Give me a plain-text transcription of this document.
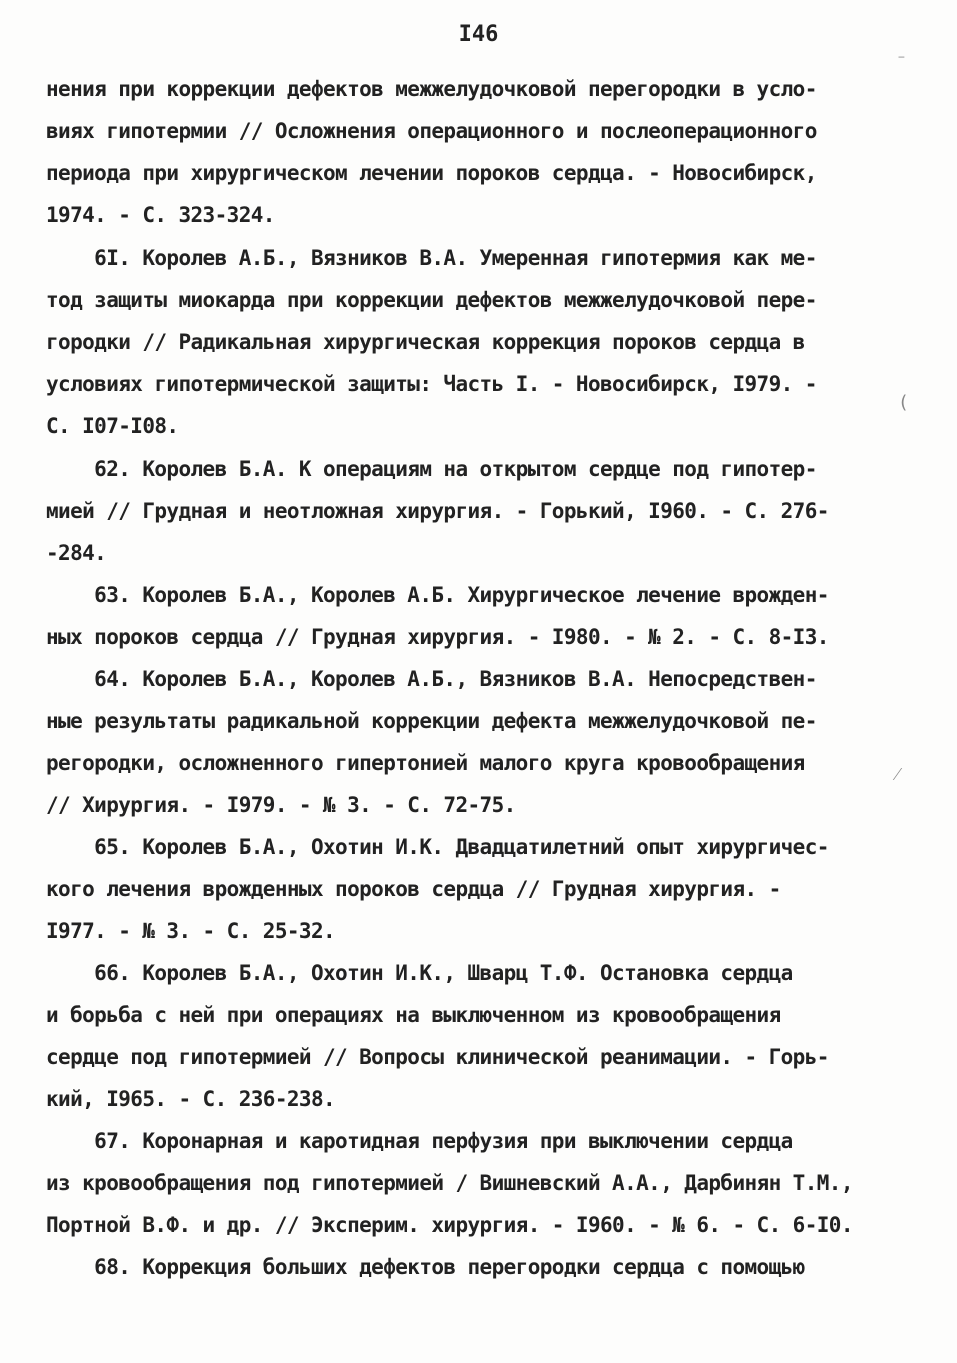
I46
нения при коррекции дефектов межжелудочковой перегородки в усло-
виях гипотермии // Осложнения операционного и послеоперационного
периода при хирургическом лечении пороков сердца. - Новосибирск,
1974. - С. 323-324.
6I. Королев А.Б., Вязников В.А. Умеренная гипотермия как ме-
тод защиты миокарда при коррекции дефектов межжелудочковой пере-
городки // Радикальная хирургическая коррекция пороков сердца в
условиях гипотермической защиты: Часть I. - Новосибирск, I979. -
С. I07-I08.
62. Королев Б.А. К операциям на открытом сердце под гипотер-
мией // Грудная и неотложная хирургия. - Горький, I960. - С. 276-
-284.
63. Королев Б.А., Королев А.Б. Хирургическое лечение врожден-
ных пороков сердца // Грудная хирургия. - I980. - № 2. - С. 8-I3.
64. Королев Б.А., Королев А.Б., Вязников В.А. Непосредствен-
ные результаты радикальной коррекции дефекта межжелудочковой пе-
регородки, осложненного гипертонией малого круга кровообращения
// Хирургия. - I979. - № 3. - С. 72-75.
65. Королев Б.А., Охотин И.К. Двадцатилетний опыт хирургичес-
кого лечения врожденных пороков сердца // Грудная хирургия. -
I977. - № 3. - С. 25-32.
66. Королев Б.А., Охотин И.К., Шварц Т.Ф. Остановка сердца
и борьба с ней при операциях на выключенном из кровообращения
сердце под гипотермией // Вопросы клинической реанимации. - Горь-
кий, I965. - С. 236-238.
67. Коронарная и каротидная перфузия при выключении сердца
из кровообращения под гипотермией / Вишневский А.А., Дарбинян Т.М.,
Портной В.Ф. и др. // Эксперим. хирургия. - I960. - № 6. - С. 6-I0.
68. Коррекция больших дефектов перегородки сердца с помощью
⁻
(
⁄
